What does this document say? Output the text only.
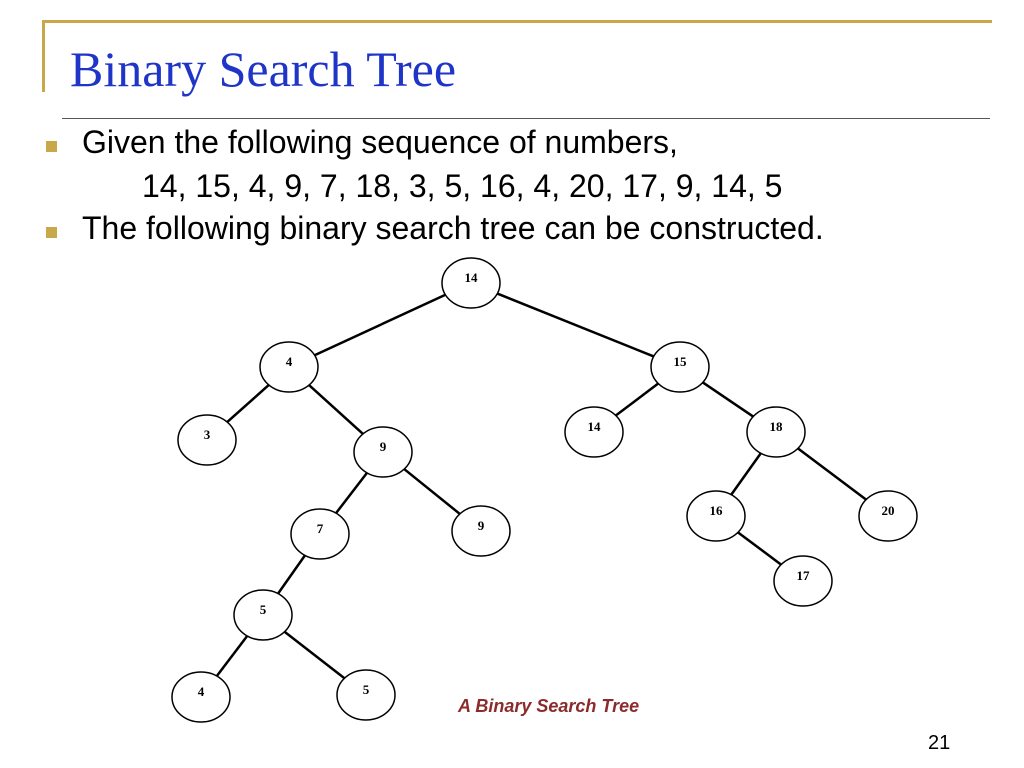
Binary Search Tree
Given the following sequence of numbers,
14, 15, 4, 9, 7, 18, 3, 5, 16, 4, 20, 17, 9, 14, 5
The following binary search tree can be constructed.
14
4	15
3
9
14	18
7	9
16	20
5
17
4	5
A Binary Search Tree
21
